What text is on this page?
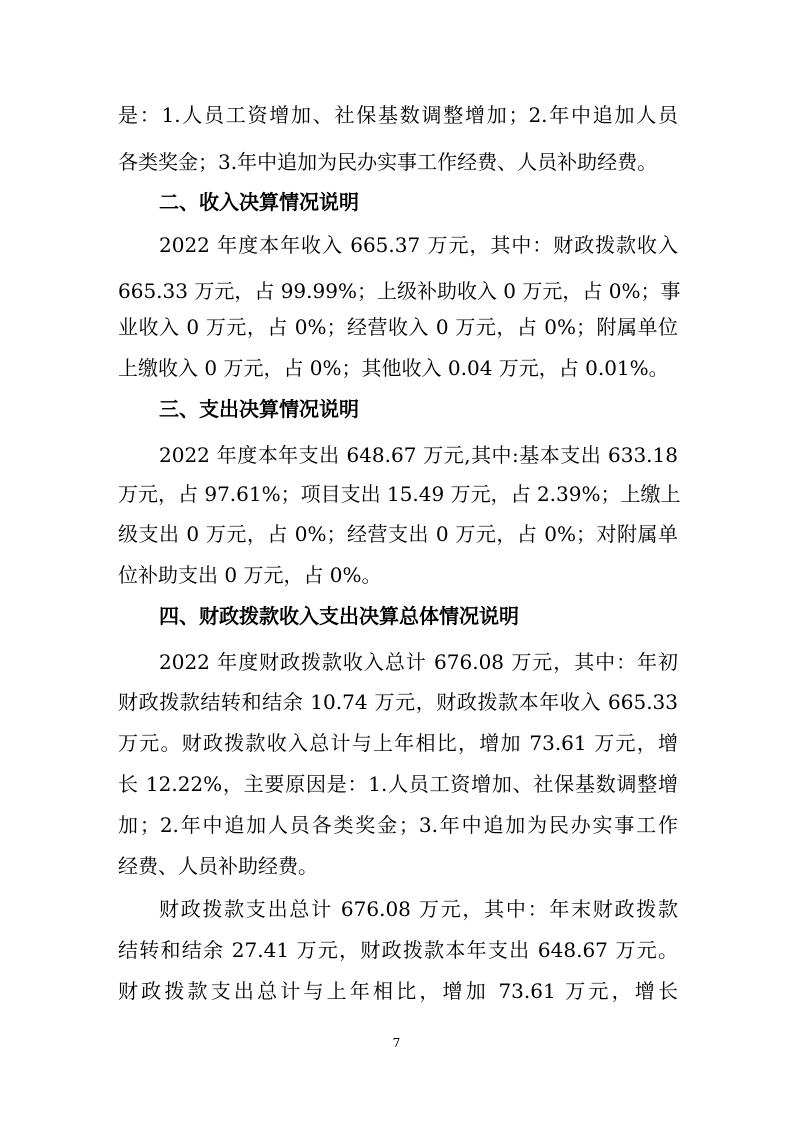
是：1.人员工资增加、社保基数调整增加；2.年中追加人员
各类奖金；3.年中追加为民办实事工作经费、人员补助经费。
二、收入决算情况说明
2022 年度本年收入 665.37 万元，其中：财政拨款收入
665.33 万元，占 99.99%；上级补助收入 0 万元，占 0%；事
业收入 0 万元，占 0%；经营收入 0 万元，占 0%；附属单位
上缴收入 0 万元，占 0%；其他收入 0.04 万元，占 0.01%。
三、支出决算情况说明
2022 年度本年支出 648.67 万元,其中:基本支出 633.18
万元，占 97.61%；项目支出 15.49 万元，占 2.39%；上缴上
级支出 0 万元，占 0%；经营支出 0 万元，占 0%；对附属单
位补助支出 0 万元，占 0%。
四、财政拨款收入支出决算总体情况说明
2022 年度财政拨款收入总计 676.08 万元，其中：年初
财政拨款结转和结余 10.74 万元，财政拨款本年收入 665.33
万元。财政拨款收入总计与上年相比，增加 73.61 万元，增
长 12.22%，主要原因是：1.人员工资增加、社保基数调整增
加；2.年中追加人员各类奖金；3.年中追加为民办实事工作
经费、人员补助经费。
财政拨款支出总计 676.08 万元，其中：年末财政拨款
结转和结余 27.41 万元，财政拨款本年支出 648.67 万元。
财政拨款支出总计与上年相比，增加 73.61 万元，增长
7
